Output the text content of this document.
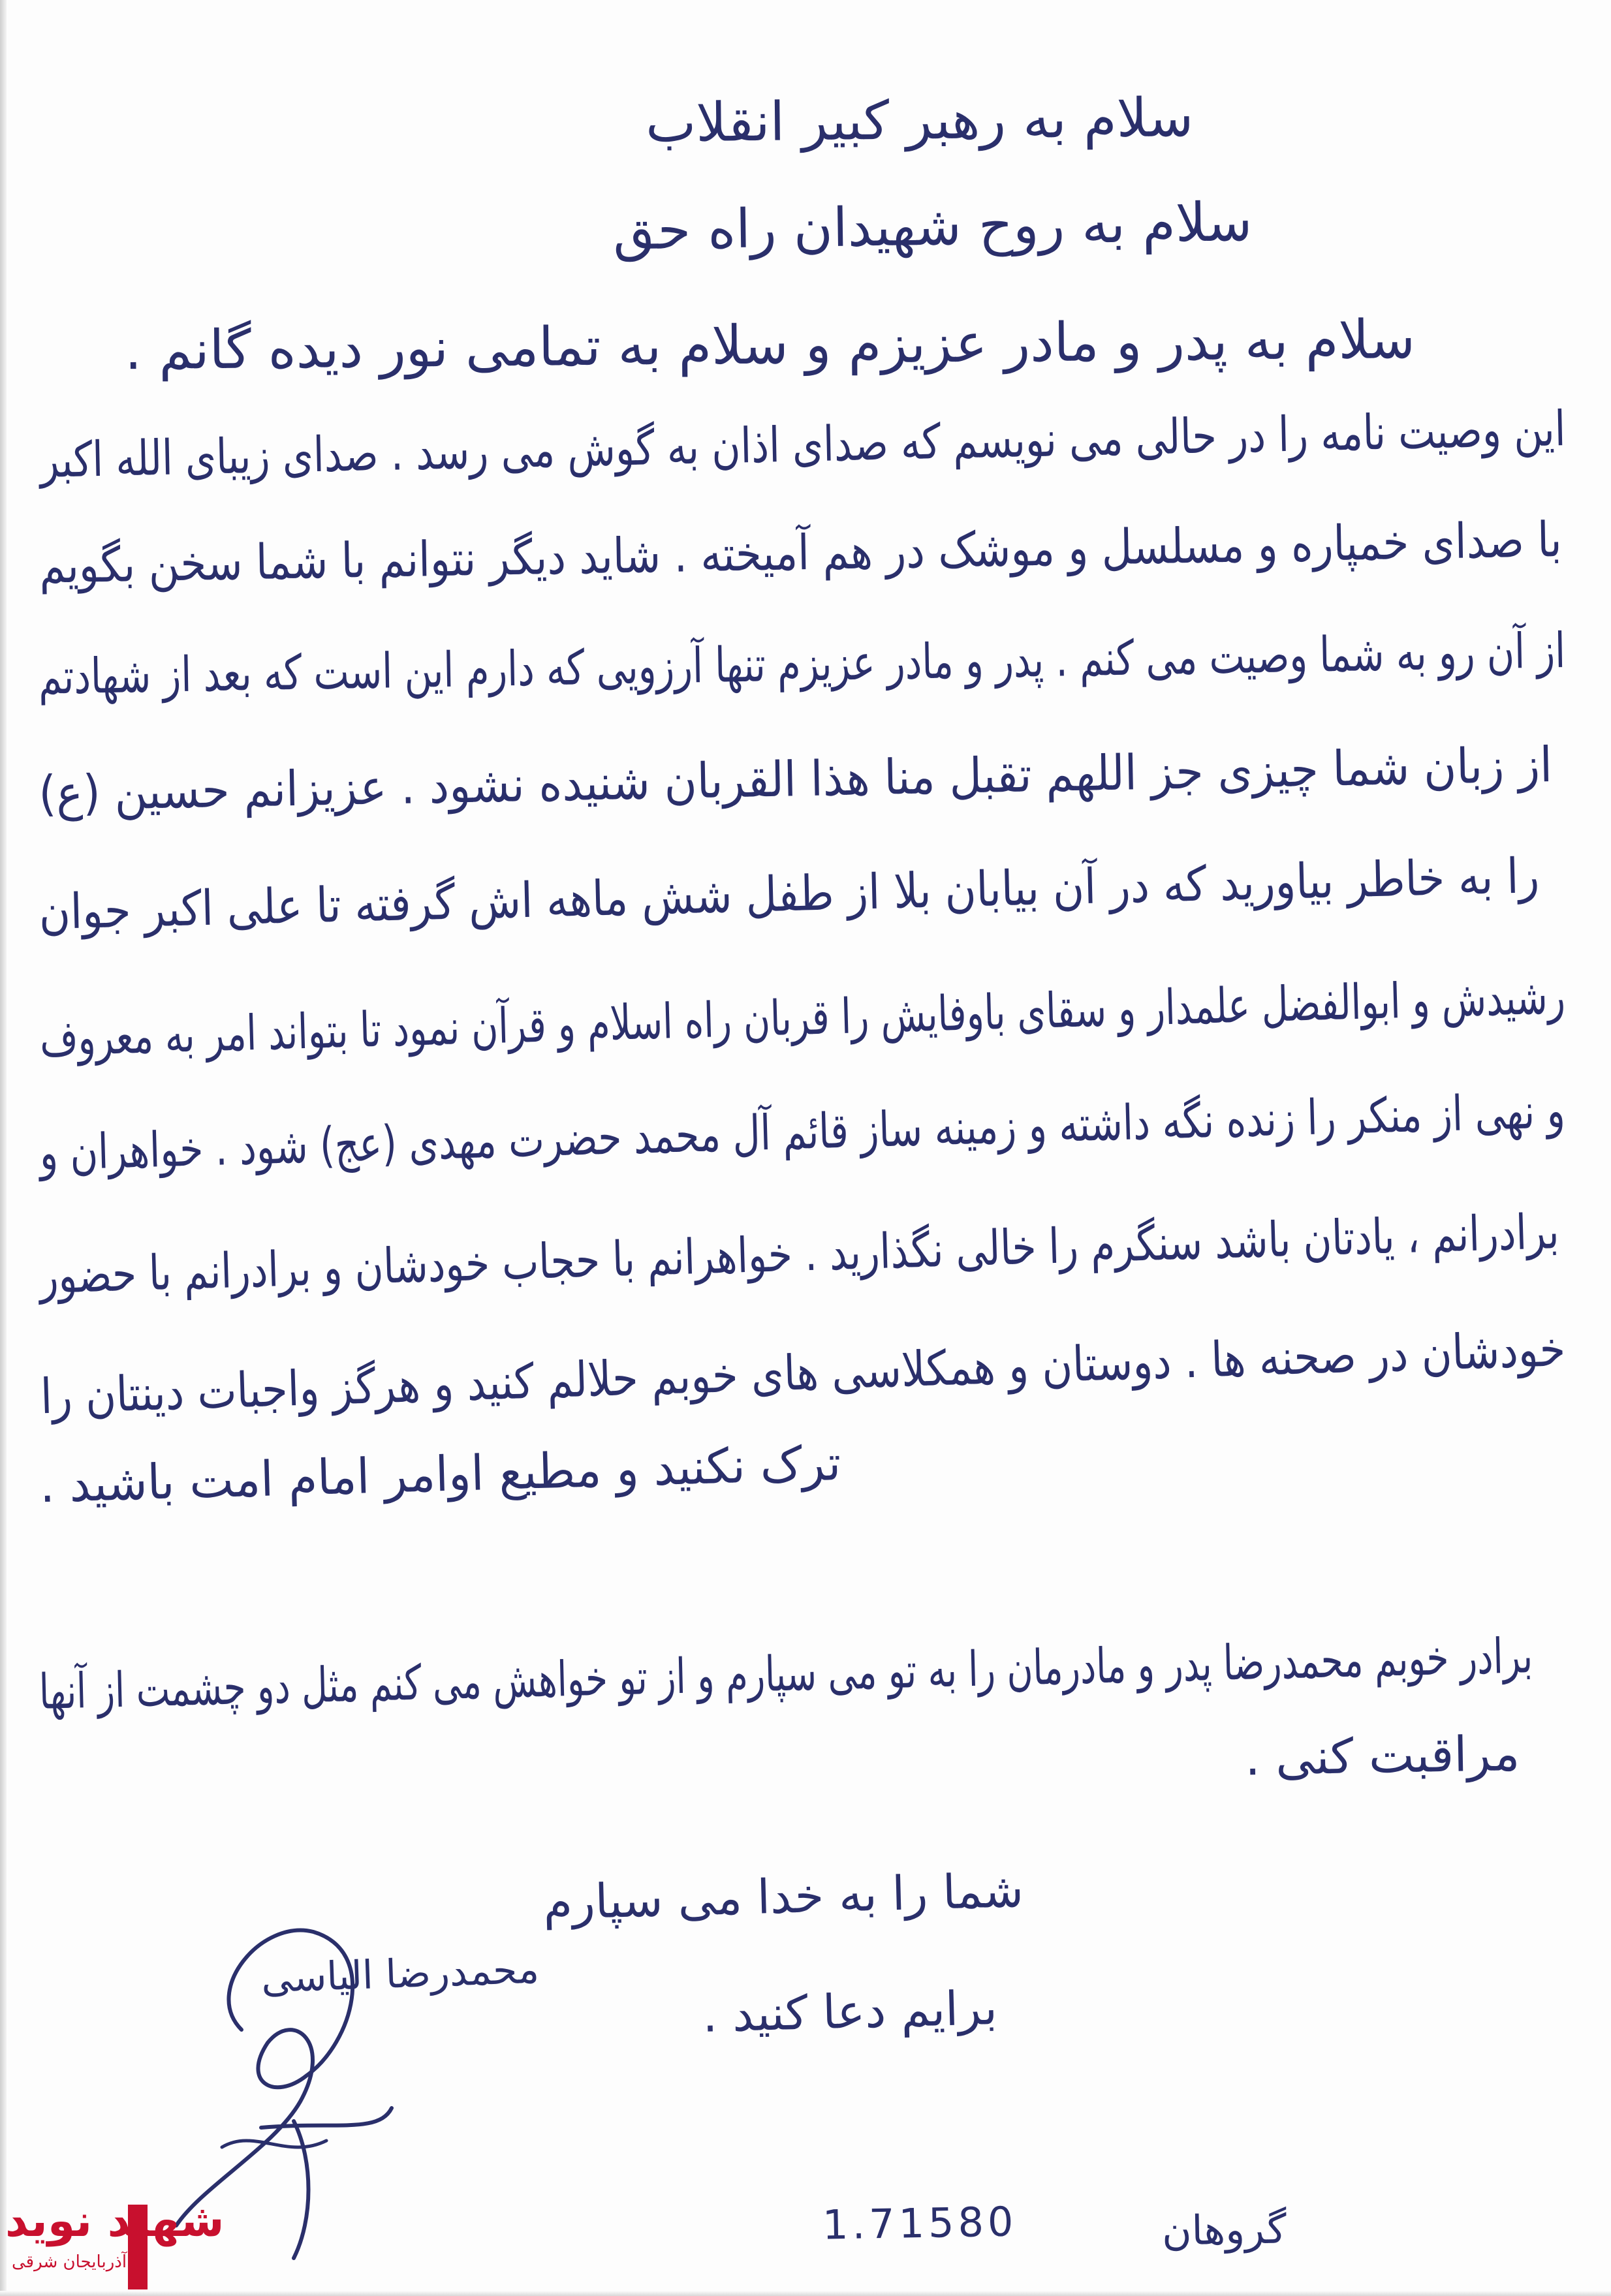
سلام به رهبر کبیر انقلاب
سلام به روح شهیدان راه حق
سلام به پدر و مادر عزیزم و سلام به تمامی نور دیده گانم .
این وصیت نامه را در حالی می نویسم که صدای اذان به گوش می رسد . صدای زیبای الله اکبر
با صدای خمپاره و مسلسل و موشک در هم آمیخته . شاید دیگر نتوانم با شما سخن بگویم
از آن رو به شما وصیت می کنم . پدر و مادر عزیزم تنها آرزویی که دارم این است که بعد از شهادتم
از زبان شما چیزی جز اللهم تقبل منا هذا القربان شنیده نشود . عزیزانم حسین (ع)
را به خاطر بیاورید که در آن بیابان بلا از طفل شش ماهه اش گرفته تا علی اکبر جوان
رشیدش و ابوالفضل علمدار و سقای باوفایش را قربان راه اسلام و قرآن نمود تا بتواند امر به معروف
و نهی از منکر را زنده نگه داشته و زمینه ساز قائم آل محمد حضرت مهدی (عج) شود . خواهران و
برادرانم ، یادتان باشد سنگرم را خالی نگذارید . خواهرانم با حجاب خودشان و برادرانم با حضور
خودشان در صحنه ها . دوستان و همکلاسی های خوبم حلالم کنید و هرگز واجبات دینتان را
ترک نکنید و مطیع اوامر امام امت باشید .
برادر خوبم محمدرضا پدر و مادرمان را به تو می سپارم و از تو خواهش می کنم مثل دو چشمت از آنها
مراقبت کنی .
شما را به خدا می سپارم
برایم دعا کنید .
محمدرضا الیاسی
گروهان
1.71580
شهید نوید
آذربایجان شرقی
